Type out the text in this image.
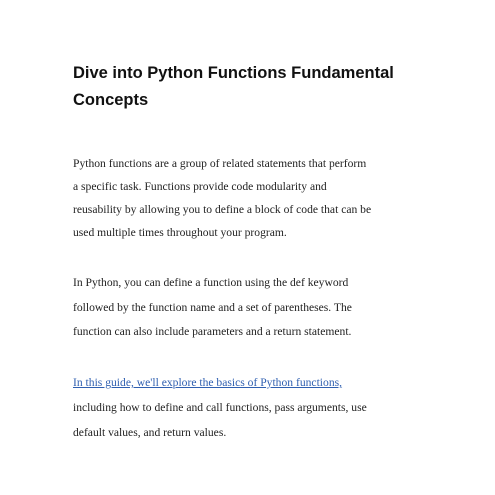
Dive into Python Functions Fundamental
Concepts

Python functions are a group of related statements that perform
a specific task. Functions provide code modularity and
reusability by allowing you to define a block of code that can be
used multiple times throughout your program.

In Python, you can define a function using the def keyword
followed by the function name and a set of parentheses. The
function can also include parameters and a return statement.

In this guide, we'll explore the basics of Python functions,
including how to define and call functions, pass arguments, use
default values, and return values.
